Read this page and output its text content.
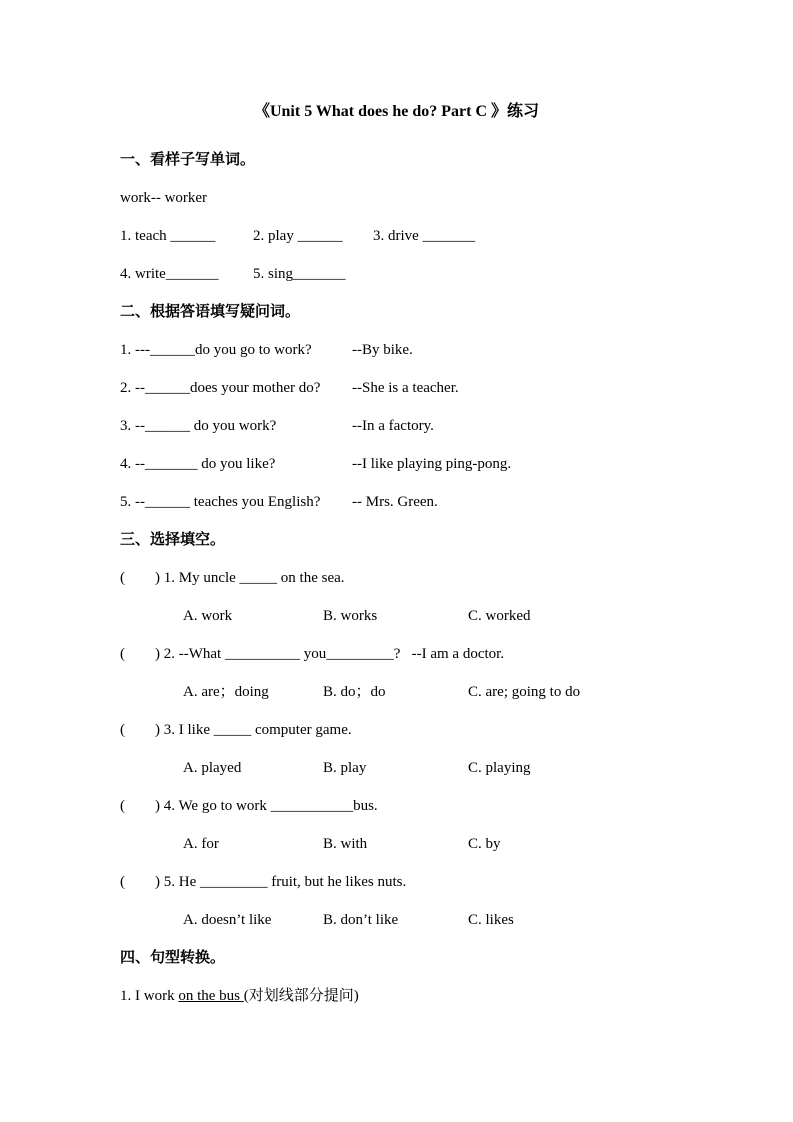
《Unit 5 What does he do? Part C 》练习
一、看样子写单词。
work-- worker
1. teach ______	2. play ______	3. drive _______
4. write_______	5. sing_______
二、根据答语填写疑问词。
1. ---______do you go to work?	--By bike.
2. --______does your mother do?	--She is a teacher.
3. --______ do you work?	--In a factory.
4. --_______ do you like?	--I like playing ping-pong.
5. --______ teaches you English?	-- Mrs. Green.
三、选择填空。
(        ) 1. My uncle _____ on the sea.
A. work	B. works	C. worked
(        ) 2. --What __________ you_________?   --I am a doctor.
A. are；doing	B. do；do	C. are; going to do
(        ) 3. I like _____ computer game.
A. played	B. play	C. playing
(        ) 4. We go to work ___________bus.
A. for	B. with	C. by
(        ) 5. He _________ fruit, but he likes nuts.
A. doesn’t like	B. don’t like	C. likes
四、句型转换。
1. I work on the bus (对划线部分提问)
